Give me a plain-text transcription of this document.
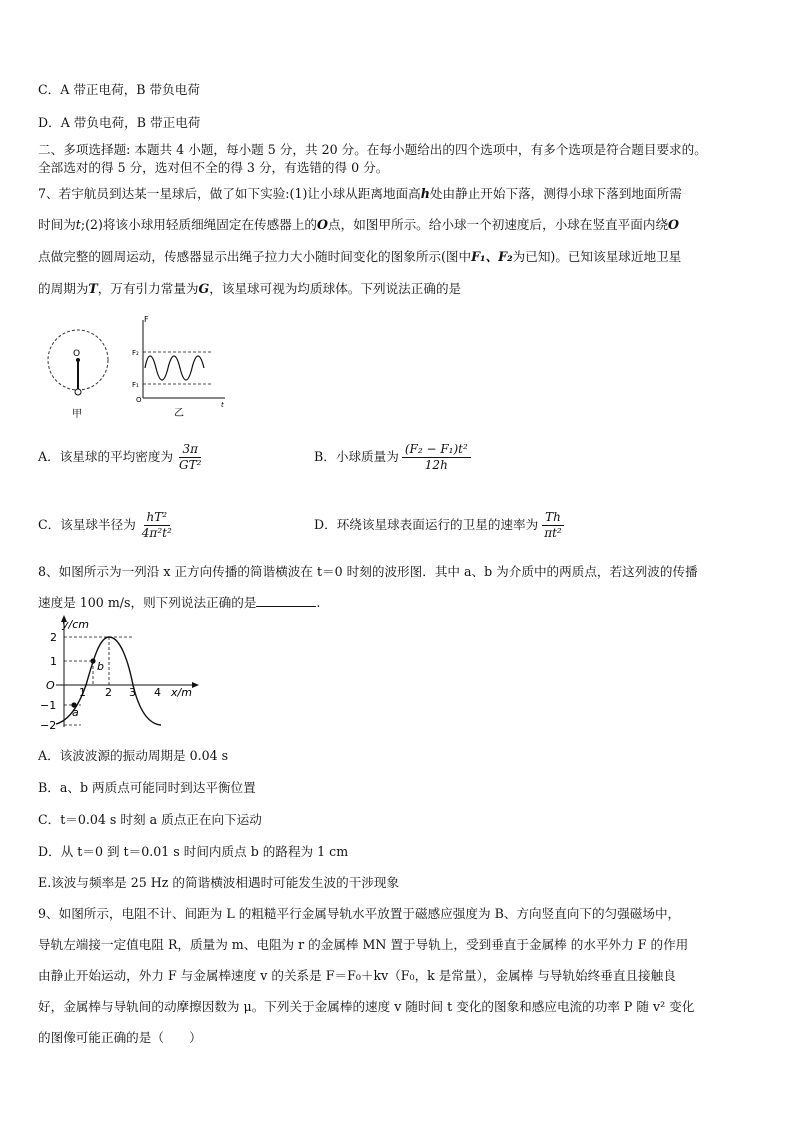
C．A 带正电荷，B 带负电荷
D．A 带负电荷，B 带正电荷
二、多项选择题: 本题共 4 小题，每小题 5 分，共 20 分。在每小题给出的四个选项中，有多个选项是符合题目要求的。
全部选对的得 5 分，选对但不全的得 3 分，有选错的得 0 分。
7、若宇航员到达某一星球后，做了如下实验:(1)让小球从距离地面高h处由静止开始下落，测得小球下落到地面所需
时间为t;(2)将该小球用轻质细绳固定在传感器上的O点，如图甲所示。给小球一个初速度后，小球在竖直平面内绕O
点做完整的圆周运动，传感器显示出绳子拉力大小随时间变化的图象所示(图中F₁、F₂为已知)。已知该星球近地卫星
的周期为T，万有引力常量为G，该星球可视为均质球体。下列说法正确的是
O
甲
F
F₂
F₁
O
t
乙
A．该星球的平均密度为 $\frac{3\pi}{\text{GT²}}$	B．小球质量为 $\frac{\text{(F₂ − F₁)t²}}{12h}$
C．该星球半径为 $\frac{\text{hT²}}{\text{4π²t²}}$	D．环绕该星球表面运行的卫星的速率为 $\frac{Th}{\text{πt²}}$
8、如图所示为一列沿 x 正方向传播的简谐横波在 t＝0 时刻的波形图．其中 a、b 为介质中的两质点，若这列波的传播
速度是 100 m/s，则下列说法正确的是	.
y/cm
x/m
2
1
O
−1
−2
1 2 3 4
b
a
A．该波波源的振动周期是 0.04 s
B．a、b 两质点可能同时到达平衡位置
C．t＝0.04 s 时刻 a 质点正在向下运动
D．从 t＝0 到 t＝0.01 s 时间内质点 b 的路程为 1 cm
E.该波与频率是 25 Hz 的简谐横波相遇时可能发生波的干涉现象
9、如图所示，电阻不计、间距为 L 的粗糙平行金属导轨水平放置于磁感应强度为 B、方向竖直向下的匀强磁场中，
导轨左端接一定值电阻 R，质量为 m、电阻为 r 的金属棒 MN 置于导轨上，受到垂直于金属棒 的水平外力 F 的作用
由静止开始运动，外力 F 与金属棒速度 v 的关系是 F＝F₀＋kv（F₀，k 是常量），金属棒 与导轨始终垂直且接触良
好，金属棒与导轨间的动摩擦因数为 μ。下列关于金属棒的速度 v 随时间 t 变化的图象和感应电流的功率 P 随 v² 变化
的图像可能正确的是（　　）
